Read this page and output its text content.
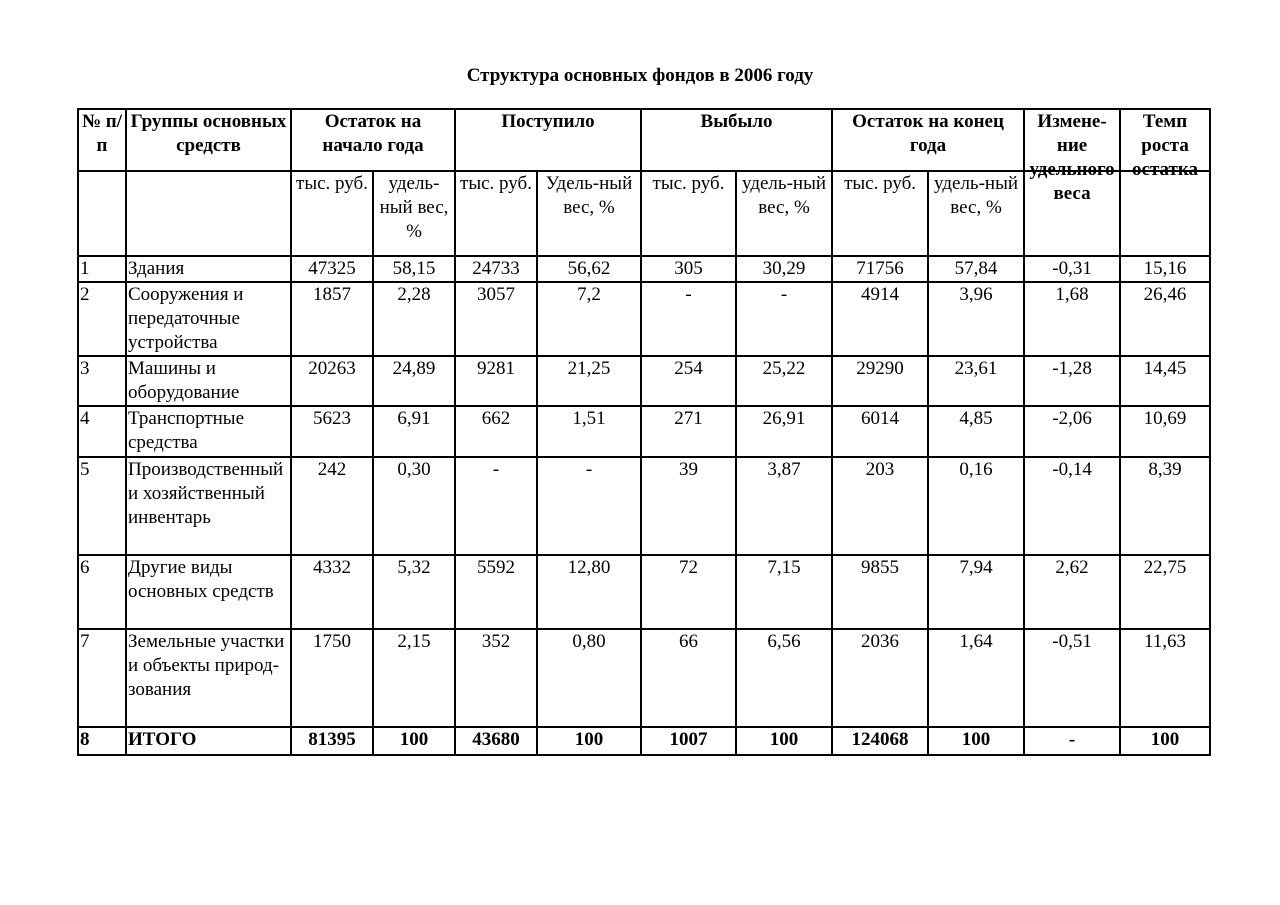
Структура основных фондов в 2006 году
№ п/п	Группы основных средств	Остаток на начало года		Поступило		Выбыло		Остаток на конец года		Измене-ние удельного веса	Темп роста остатка

		тыс. руб.	удель-ный вес, %	тыс. руб.	Удель-ный вес, %	тыс. руб.	удель-ный вес, %	тыс. руб.	удель-ный вес, %		
1	Здания	47325	58,15	24733	56,62	305	30,29	71756	57,84	-0,31	15,16
2	Сооружения и передаточные устройства	1857	2,28	3057	7,2	-	-	4914	3,96	1,68	26,46
3	Машины и оборудование	20263	24,89	9281	21,25	254	25,22	29290	23,61	-1,28	14,45
4	Транспортные средства	5623	6,91	662	1,51	271	26,91	6014	4,85	-2,06	10,69
5	Производственный и хозяйственный инвентарь	242	0,30	-	-	39	3,87	203	0,16	-0,14	8,39
6	Другие виды основных средств	4332	5,32	5592	12,80	72	7,15	9855	7,94	2,62	22,75
7	Земельные участки и объекты природ-зования	1750	2,15	352	0,80	66	6,56	2036	1,64	-0,51	11,63
8	ИТОГО	81395	100	43680	100	1007	100	124068	100	-	100
